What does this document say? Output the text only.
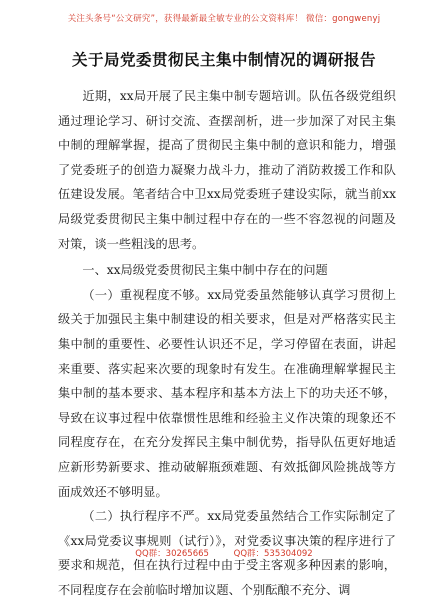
关注头条号“公文研究”，获得最新最全敏专业的公文资料库！ 微信：gongwenyj
关于局党委贯彻民主集中制情况的调研报告

近期，xx局开展了民主集中制专题培训。队伍各级党组织通过理论学习、研讨交流、查摆剖析，进一步加深了对民主集中制的理解掌握，提高了贯彻民主集中制的意识和能力，增强了党委班子的创造力凝聚力战斗力，推动了消防救援工作和队伍建设发展。笔者结合中卫xx局党委班子建设实际，就当前xx局级党委贯彻民主集中制过程中存在的一些不容忽视的问题及对策，谈一些粗浅的思考。

一、xx局级党委贯彻民主集中制中存在的问题

（一）重视程度不够。xx局党委虽然能够认真学习贯彻上级关于加强民主集中制建设的相关要求，但是对严格落实民主集中制的重要性、必要性认识还不足，学习停留在表面，讲起来重要、落实起来次要的现象时有发生。在准确理解掌握民主集中制的基本要求、基本程序和基本方法上下的功夫还不够，导致在议事过程中依靠惯性思维和经验主义作决策的现象还不同程度存在，在充分发挥民主集中制优势，指导队伍更好地适应新形势新要求、推动破解瓶颈难题、有效抵御风险挑战等方面成效还不够明显。

（二）执行程序不严。xx局党委虽然结合工作实际制定了《xx局党委议事规则（试行）》，对党委议事决策的程序进行了要求和规范，但在执行过程中由于受主客观多种因素的影响，不同程度存在会前临时增加议题、个别酝酿不充分、调

QQ群：30265665	QQ群：535304092
